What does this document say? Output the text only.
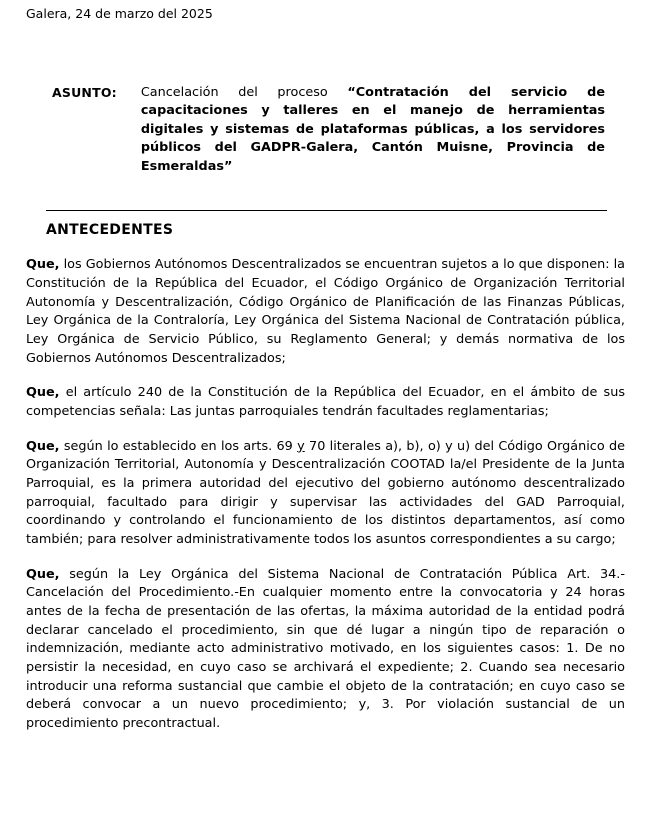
Galera, 24 de marzo del 2025
ASUNTO: Cancelación del proceso “Contratación del servicio de capacitaciones y talleres en el manejo de herramientas digitales y sistemas de plataformas públicas, a los servidores públicos del GADPR-Galera, Cantón Muisne, Provincia de Esmeraldas”
ANTECEDENTES

Que, los Gobiernos Autónomos Descentralizados se encuentran sujetos a lo que disponen: la Constitución de la República del Ecuador, el Código Orgánico de Organización Territorial Autonomía y Descentralización, Código Orgánico de Planificación de las Finanzas Públicas, Ley Orgánica de la Contraloría, Ley Orgánica del Sistema Nacional de Contratación pública, Ley Orgánica de Servicio Público, su Reglamento General; y demás normativa de los Gobiernos Autónomos Descentralizados;

Que, el artículo 240 de la Constitución de la República del Ecuador, en el ámbito de sus competencias señala: Las juntas parroquiales tendrán facultades reglamentarias;

Que, según lo establecido en los arts. 69 y 70 literales a), b), o) y u) del Código Orgánico de Organización Territorial, Autonomía y Descentralización COOTAD la/el Presidente de la Junta Parroquial, es la primera autoridad del ejecutivo del gobierno autónomo descentralizado parroquial, facultado para dirigir y supervisar las actividades del GAD Parroquial, coordinando y controlando el funcionamiento de los distintos departamentos, así como también; para resolver administrativamente todos los asuntos correspondientes a su cargo;

Que, según la Ley Orgánica del Sistema Nacional de Contratación Pública Art. 34.- Cancelación del Procedimiento.-En cualquier momento entre la convocatoria y 24 horas antes de la fecha de presentación de las ofertas, la máxima autoridad de la entidad podrá declarar cancelado el procedimiento, sin que dé lugar a ningún tipo de reparación o indemnización, mediante acto administrativo motivado, en los siguientes casos: 1. De no persistir la necesidad, en cuyo caso se archivará el expediente; 2. Cuando sea necesario introducir una reforma sustancial que cambie el objeto de la contratación; en cuyo caso se deberá convocar a un nuevo procedimiento; y, 3. Por violación sustancial de un procedimiento precontractual.
